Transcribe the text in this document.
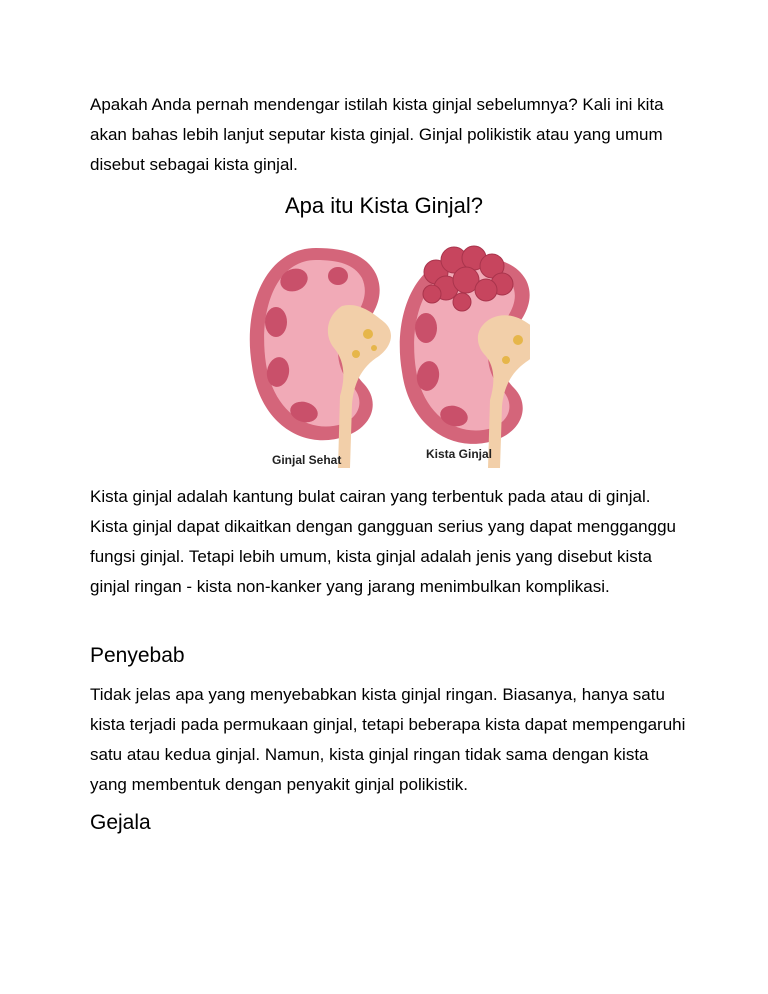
Apakah Anda pernah mendengar istilah kista ginjal sebelumnya? Kali ini kita akan bahas lebih lanjut seputar kista ginjal. Ginjal polikistik atau yang umum disebut sebagai kista ginjal.

Apa itu Kista Ginjal?
Ginjal Sehat	Kista Ginjal

Kista ginjal adalah kantung bulat cairan yang terbentuk pada atau di ginjal. Kista ginjal dapat dikaitkan dengan gangguan serius yang dapat mengganggu fungsi ginjal. Tetapi lebih umum, kista ginjal adalah jenis yang disebut kista ginjal ringan - kista non-kanker yang jarang menimbulkan komplikasi.

Penyebab

Tidak jelas apa yang menyebabkan kista ginjal ringan. Biasanya, hanya satu kista terjadi pada permukaan ginjal, tetapi beberapa kista dapat mempengaruhi satu atau kedua ginjal. Namun, kista ginjal ringan tidak sama dengan kista yang membentuk dengan penyakit ginjal polikistik.

Gejala
